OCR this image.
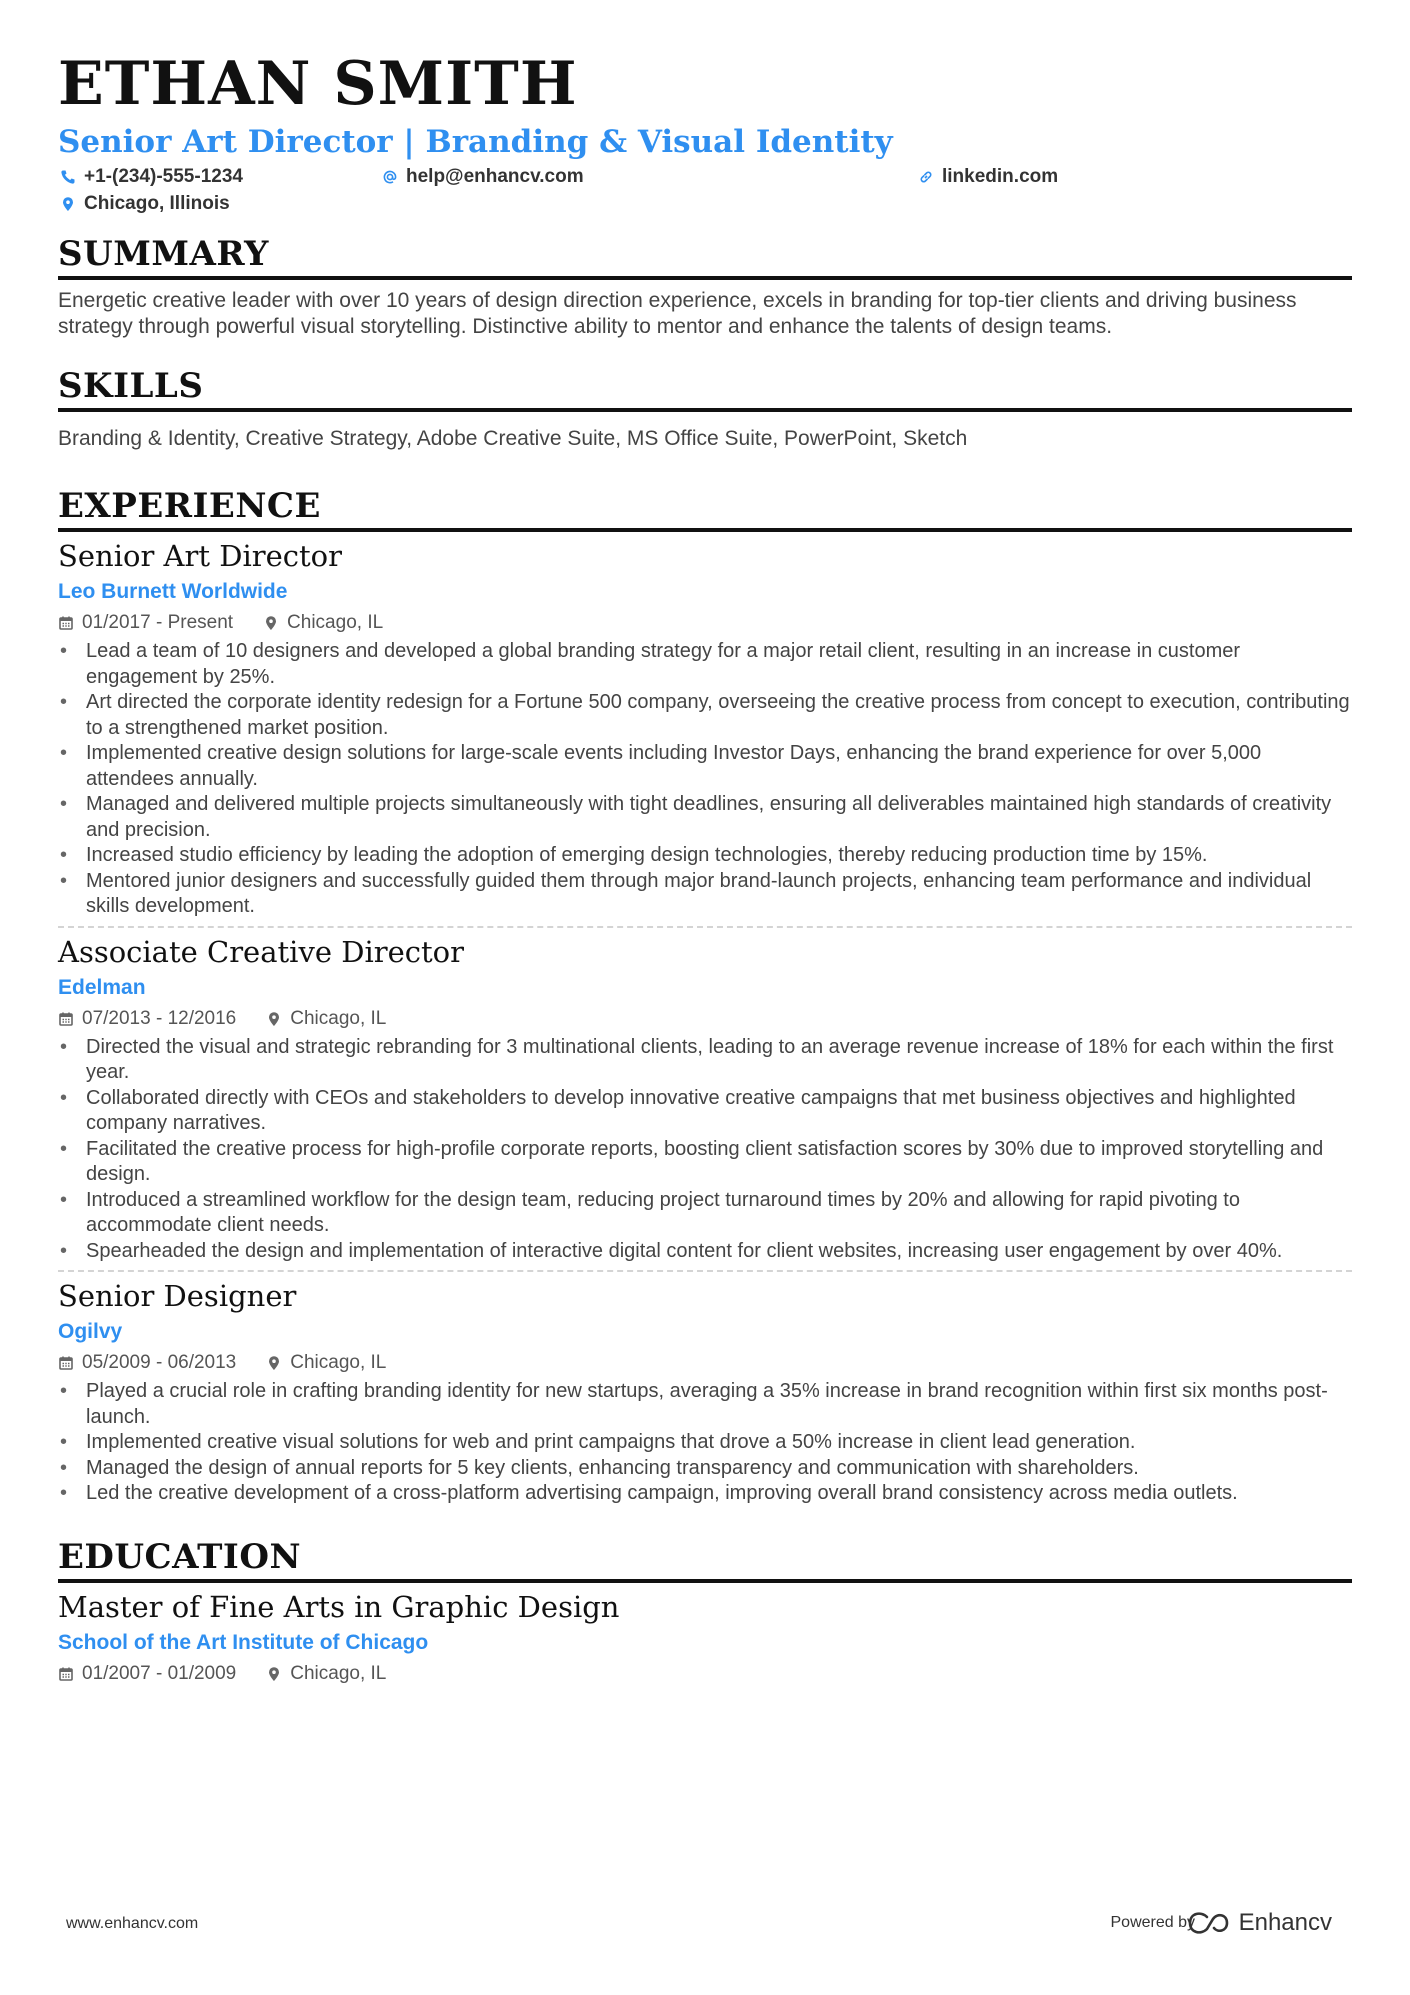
ETHAN SMITH
Senior Art Director | Branding & Visual Identity
+1-(234)-555-1234	help@enhancv.com	linkedin.com
Chicago, Illinois
SUMMARY
Energetic creative leader with over 10 years of design direction experience, excels in branding for top-tier clients and driving business strategy through powerful visual storytelling. Distinctive ability to mentor and enhance the talents of design teams.
SKILLS
Branding & Identity, Creative Strategy, Adobe Creative Suite, MS Office Suite, PowerPoint, Sketch
EXPERIENCE
Senior Art Director
Leo Burnett Worldwide
01/2017 - Present	Chicago, IL
• Lead a team of 10 designers and developed a global branding strategy for a major retail client, resulting in an increase in customer engagement by 25%.
• Art directed the corporate identity redesign for a Fortune 500 company, overseeing the creative process from concept to execution, contributing to a strengthened market position.
• Implemented creative design solutions for large-scale events including Investor Days, enhancing the brand experience for over 5,000 attendees annually.
• Managed and delivered multiple projects simultaneously with tight deadlines, ensuring all deliverables maintained high standards of creativity and precision.
• Increased studio efficiency by leading the adoption of emerging design technologies, thereby reducing production time by 15%.
• Mentored junior designers and successfully guided them through major brand-launch projects, enhancing team performance and individual skills development.
Associate Creative Director
Edelman
07/2013 - 12/2016	Chicago, IL
• Directed the visual and strategic rebranding for 3 multinational clients, leading to an average revenue increase of 18% for each within the first year.
• Collaborated directly with CEOs and stakeholders to develop innovative creative campaigns that met business objectives and highlighted company narratives.
• Facilitated the creative process for high-profile corporate reports, boosting client satisfaction scores by 30% due to improved storytelling and design.
• Introduced a streamlined workflow for the design team, reducing project turnaround times by 20% and allowing for rapid pivoting to accommodate client needs.
• Spearheaded the design and implementation of interactive digital content for client websites, increasing user engagement by over 40%.
Senior Designer
Ogilvy
05/2009 - 06/2013	Chicago, IL
• Played a crucial role in crafting branding identity for new startups, averaging a 35% increase in brand recognition within first six months post-launch.
• Implemented creative visual solutions for web and print campaigns that drove a 50% increase in client lead generation.
• Managed the design of annual reports for 5 key clients, enhancing transparency and communication with shareholders.
• Led the creative development of a cross-platform advertising campaign, improving overall brand consistency across media outlets.
EDUCATION
Master of Fine Arts in Graphic Design
School of the Art Institute of Chicago
01/2007 - 01/2009	Chicago, IL
www.enhancv.com	Powered by Enhancv
